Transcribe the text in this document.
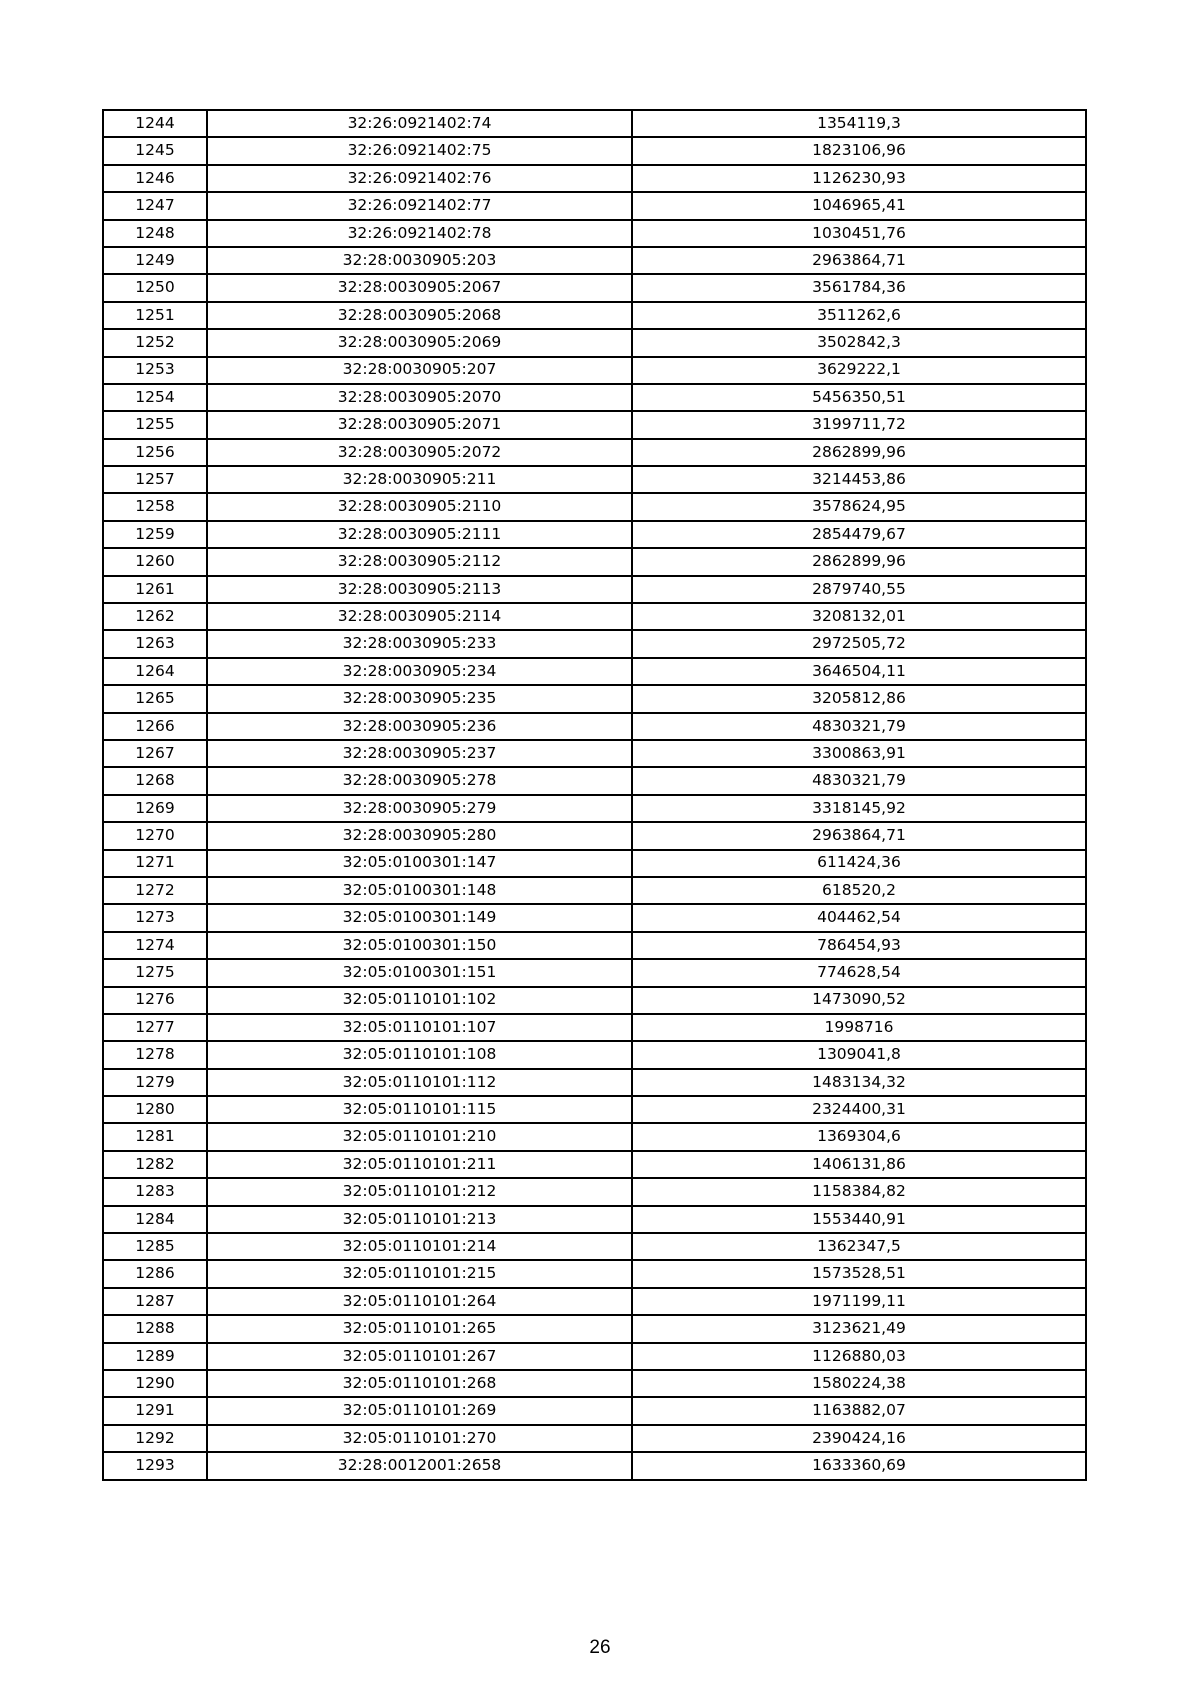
1244	32:26:0921402:74	1354119,3
1245	32:26:0921402:75	1823106,96
1246	32:26:0921402:76	1126230,93
1247	32:26:0921402:77	1046965,41
1248	32:26:0921402:78	1030451,76
1249	32:28:0030905:203	2963864,71
1250	32:28:0030905:2067	3561784,36
1251	32:28:0030905:2068	3511262,6
1252	32:28:0030905:2069	3502842,3
1253	32:28:0030905:207	3629222,1
1254	32:28:0030905:2070	5456350,51
1255	32:28:0030905:2071	3199711,72
1256	32:28:0030905:2072	2862899,96
1257	32:28:0030905:211	3214453,86
1258	32:28:0030905:2110	3578624,95
1259	32:28:0030905:2111	2854479,67
1260	32:28:0030905:2112	2862899,96
1261	32:28:0030905:2113	2879740,55
1262	32:28:0030905:2114	3208132,01
1263	32:28:0030905:233	2972505,72
1264	32:28:0030905:234	3646504,11
1265	32:28:0030905:235	3205812,86
1266	32:28:0030905:236	4830321,79
1267	32:28:0030905:237	3300863,91
1268	32:28:0030905:278	4830321,79
1269	32:28:0030905:279	3318145,92
1270	32:28:0030905:280	2963864,71
1271	32:05:0100301:147	611424,36
1272	32:05:0100301:148	618520,2
1273	32:05:0100301:149	404462,54
1274	32:05:0100301:150	786454,93
1275	32:05:0100301:151	774628,54
1276	32:05:0110101:102	1473090,52
1277	32:05:0110101:107	1998716
1278	32:05:0110101:108	1309041,8
1279	32:05:0110101:112	1483134,32
1280	32:05:0110101:115	2324400,31
1281	32:05:0110101:210	1369304,6
1282	32:05:0110101:211	1406131,86
1283	32:05:0110101:212	1158384,82
1284	32:05:0110101:213	1553440,91
1285	32:05:0110101:214	1362347,5
1286	32:05:0110101:215	1573528,51
1287	32:05:0110101:264	1971199,11
1288	32:05:0110101:265	3123621,49
1289	32:05:0110101:267	1126880,03
1290	32:05:0110101:268	1580224,38
1291	32:05:0110101:269	1163882,07
1292	32:05:0110101:270	2390424,16
1293	32:28:0012001:2658	1633360,69
26
